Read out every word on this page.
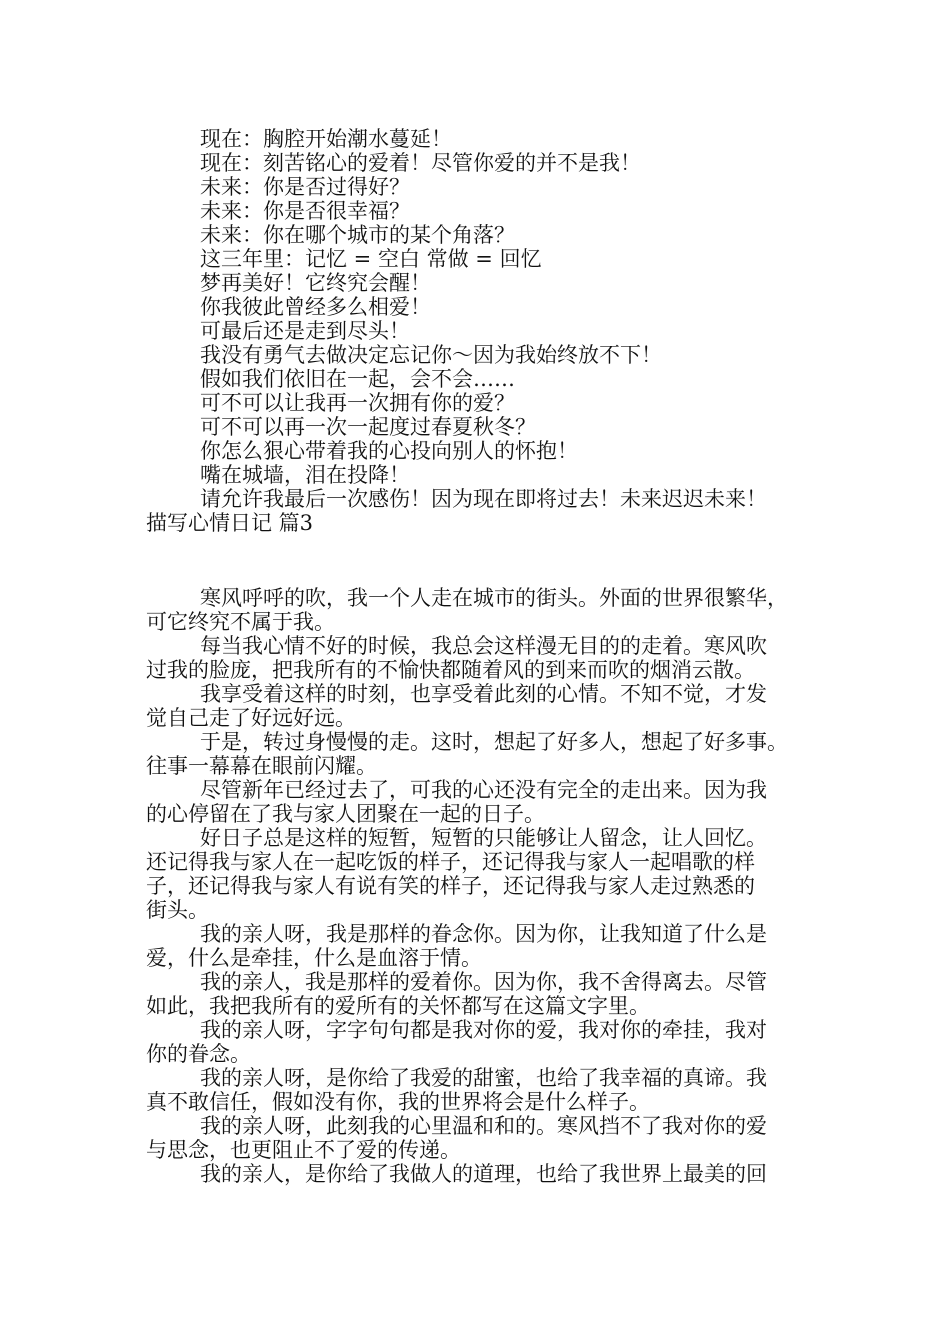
现在：胸腔开始潮水蔓延！

现在：刻苦铭心的爱着！尽管你爱的并不是我！

未来：你是否过得好？

未来：你是否很幸福？

未来：你在哪个城市的某个角落？

这三年里：记忆 = 空白 常做 = 回忆

梦再美好！它终究会醒！

你我彼此曾经多么相爱！

可最后还是走到尽头！

我没有勇气去做决定忘记你～因为我始终放不下！

假如我们依旧在一起，会不会……

可不可以让我再一次拥有你的爱？

可不可以再一次一起度过春夏秋冬？

你怎么狠心带着我的心投向别人的怀抱！

嘴在城墙，泪在投降！

请允许我最后一次感伤！因为现在即将过去！未来迟迟未来！

描写心情日记 篇3

寒风呼呼的吹，我一个人走在城市的街头。外面的世界很繁华，

可它终究不属于我。

每当我心情不好的时候，我总会这样漫无目的的走着。寒风吹

过我的脸庞，把我所有的不愉快都随着风的到来而吹的烟消云散。

我享受着这样的时刻，也享受着此刻的心情。不知不觉，才发

觉自己走了好远好远。

于是，转过身慢慢的走。这时，想起了好多人，想起了好多事。

往事一幕幕在眼前闪耀。

尽管新年已经过去了，可我的心还没有完全的走出来。因为我

的心停留在了我与家人团聚在一起的日子。

好日子总是这样的短暂，短暂的只能够让人留念，让人回忆。

还记得我与家人在一起吃饭的样子，还记得我与家人一起唱歌的样

子，还记得我与家人有说有笑的样子，还记得我与家人走过熟悉的

街头。

我的亲人呀，我是那样的眷念你。因为你，让我知道了什么是

爱，什么是牵挂，什么是血溶于情。

我的亲人，我是那样的爱着你。因为你，我不舍得离去。尽管

如此，我把我所有的爱所有的关怀都写在这篇文字里。

我的亲人呀，字字句句都是我对你的爱，我对你的牵挂，我对

你的眷念。

我的亲人呀，是你给了我爱的甜蜜，也给了我幸福的真谛。我

真不敢信任，假如没有你，我的世界将会是什么样子。

我的亲人呀，此刻我的心里温和和的。寒风挡不了我对你的爱

与思念，也更阻止不了爱的传递。

我的亲人，是你给了我做人的道理，也给了我世界上最美的回
